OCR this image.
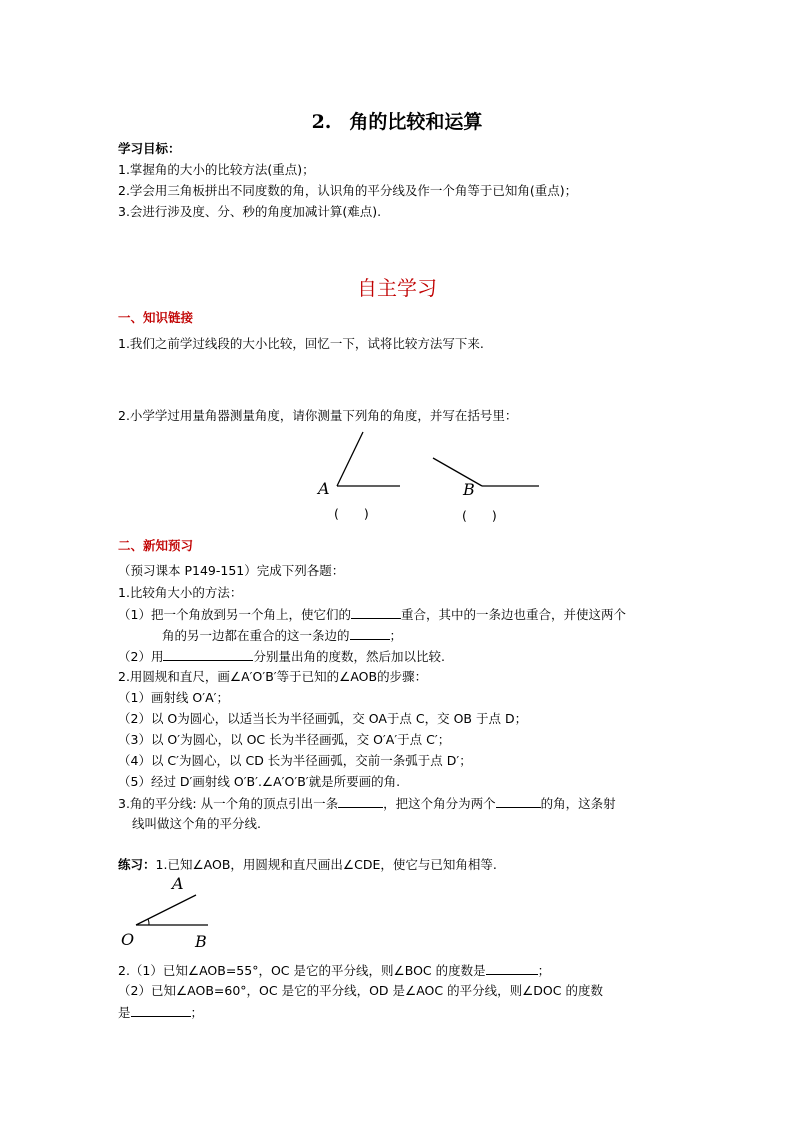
2. 角的比较和运算
学习目标：
1.掌握角的大小的比较方法(重点)；
2.学会用三角板拼出不同度数的角，认识角的平分线及作一个角等于已知角(重点)；
3.会进行涉及度、分、秒的角度加减计算(难点).
自主学习
一、知识链接
1.我们之前学过线段的大小比较，回忆一下，试将比较方法写下来.
2.小学学过用量角器测量角度，请你测量下列角的角度，并写在括号里：
A	B
(　　)	(　　)
二、新知预习
（预习课本 P149-151）完成下列各题：
1.比较角大小的方法：
（1）把一个角放到另一个角上，使它们的	重合，其中的一条边也重合，并使这两个
角的另一边都在重合的这一条边的	；
（2）用	分别量出角的度数，然后加以比较.
2.用圆规和直尺，画∠A′O′B′等于已知的∠AOB的步骤：
（1）画射线 O′A′；
（2）以 O为圆心，以适当长为半径画弧，交 OA于点 C，交 OB 于点 D；
（3）以 O′为圆心，以 OC 长为半径画弧，交 O′A′于点 C′；
（4）以 C′为圆心，以 CD 长为半径画弧，交前一条弧于点 D′；
（5）经过 D′画射线 O′B′.∠A′O′B′就是所要画的角.
3.角的平分线: 从一个角的顶点引出一条	，把这个角分为两个	的角，这条射
线叫做这个角的平分线.
练习：1.已知∠AOB，用圆规和直尺画出∠CDE，使它与已知角相等.
A
O	B
2.（1）已知∠AOB=55°，OC 是它的平分线，则∠BOC 的度数是	；
（2）已知∠AOB=60°，OC 是它的平分线，OD 是∠AOC 的平分线，则∠DOC 的度数
是	；
